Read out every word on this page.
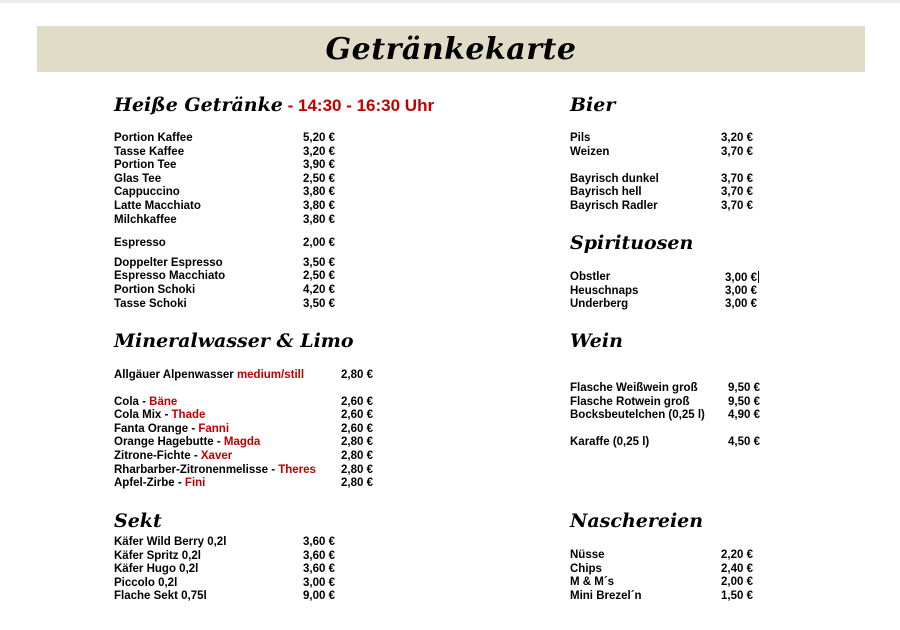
Getränkekarte
Heiße Getränke - 14:30 - 16:30 Uhr
Portion Kaffee	5,20 €
Tasse Kaffee	3,20 €
Portion Tee	3,90 €
Glas Tee	2,50 €
Cappuccino	3,80 €
Latte Macchiato	3,80 €
Milchkaffee	3,80 €
Espresso	2,00 €
Doppelter Espresso	3,50 €
Espresso Macchiato	2,50 €
Portion Schoki	4,20 €
Tasse Schoki	3,50 €
Mineralwasser & Limo
Allgäuer Alpenwasser medium/still	2,80 €
Cola - Bäne	2,60 €
Cola Mix - Thade	2,60 €
Fanta Orange - Fanni	2,60 €
Orange Hagebutte - Magda	2,80 €
Zitrone-Fichte - Xaver	2,80 €
Rharbarber-Zitronenmelisse - Theres 2,80 €
Apfel-Zirbe - Fini	2,80 €
Sekt
Käfer Wild Berry 0,2l	3,60 €
Käfer Spritz 0,2l	3,60 €
Käfer Hugo 0,2l	3,60 €
Piccolo 0,2l	3,00 €
Flache Sekt 0,75l	9,00 €
Bier
Pils	3,20 €
Weizen	3,70 €
Bayrisch dunkel	3,70 €
Bayrisch hell	3,70 €
Bayrisch Radler	3,70 €
Spirituosen
Obstler	3,00 €
Heuschnaps	3,00 €
Underberg	3,00 €
Wein
Flasche Weißwein groß	9,50 €
Flasche Rotwein groß	9,50 €
Bocksbeutelchen (0,25 l) 4,90 €
Karaffe (0,25 l)	4,50 €
Naschereien
Nüsse	2,20 €
Chips	2,40 €
M & M´s	2,00 €
Mini Brezel´n	1,50 €
